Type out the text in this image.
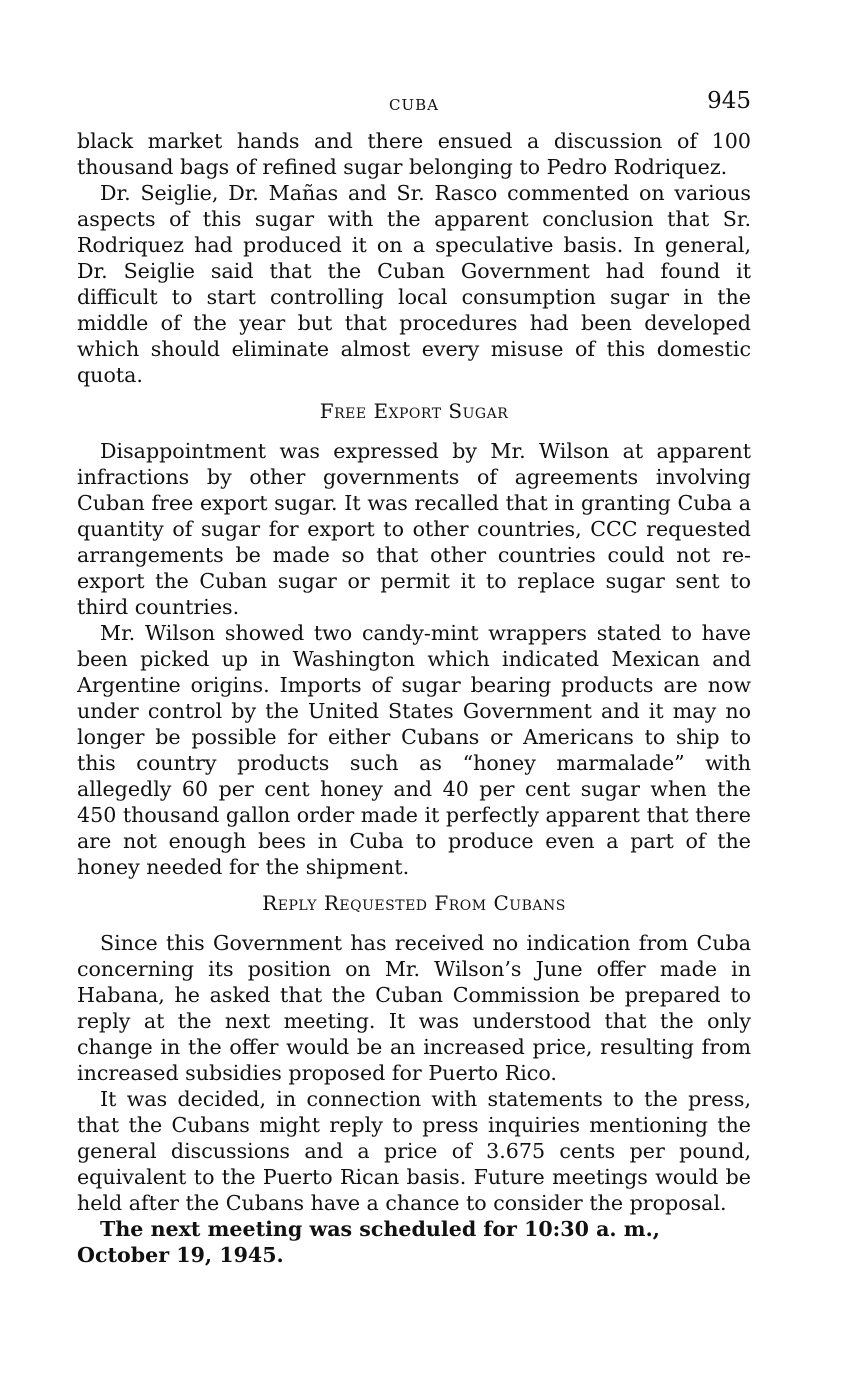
CUBA	945

black market hands and there ensued a discussion of 100 thousand bags of refined sugar belonging to Pedro Rodriquez.

Dr. Seiglie, Dr. Mañas and Sr. Rasco commented on various aspects of this sugar with the apparent conclusion that Sr. Rodriquez had produced it on a speculative basis. In general, Dr. Seiglie said that the Cuban Government had found it difficult to start controlling local consumption sugar in the middle of the year but that procedures had been developed which should eliminate almost every misuse of this domestic quota.

Free Export Sugar

Disappointment was expressed by Mr. Wilson at apparent infractions by other governments of agreements involving Cuban free export sugar. It was recalled that in granting Cuba a quantity of sugar for export to other countries, CCC requested arrangements be made so that other countries could not re-export the Cuban sugar or permit it to replace sugar sent to third countries.

Mr. Wilson showed two candy-mint wrappers stated to have been picked up in Washington which indicated Mexican and Argentine origins. Imports of sugar bearing products are now under control by the United States Government and it may no longer be possible for either Cubans or Americans to ship to this country products such as “honey marmalade” with allegedly 60 per cent honey and 40 per cent sugar when the 450 thousand gallon order made it perfectly apparent that there are not enough bees in Cuba to produce even a part of the honey needed for the shipment.

Reply Requested From Cubans

Since this Government has received no indication from Cuba concerning its position on Mr. Wilson’s June offer made in Habana, he asked that the Cuban Commission be prepared to reply at the next meeting. It was understood that the only change in the offer would be an increased price, resulting from increased subsidies proposed for Puerto Rico.

It was decided, in connection with statements to the press, that the Cubans might reply to press inquiries mentioning the general discussions and a price of 3.675 cents per pound, equivalent to the Puerto Rican basis. Future meetings would be held after the Cubans have a chance to consider the proposal.

The next meeting was scheduled for 10:30 a. m., October 19, 1945.
